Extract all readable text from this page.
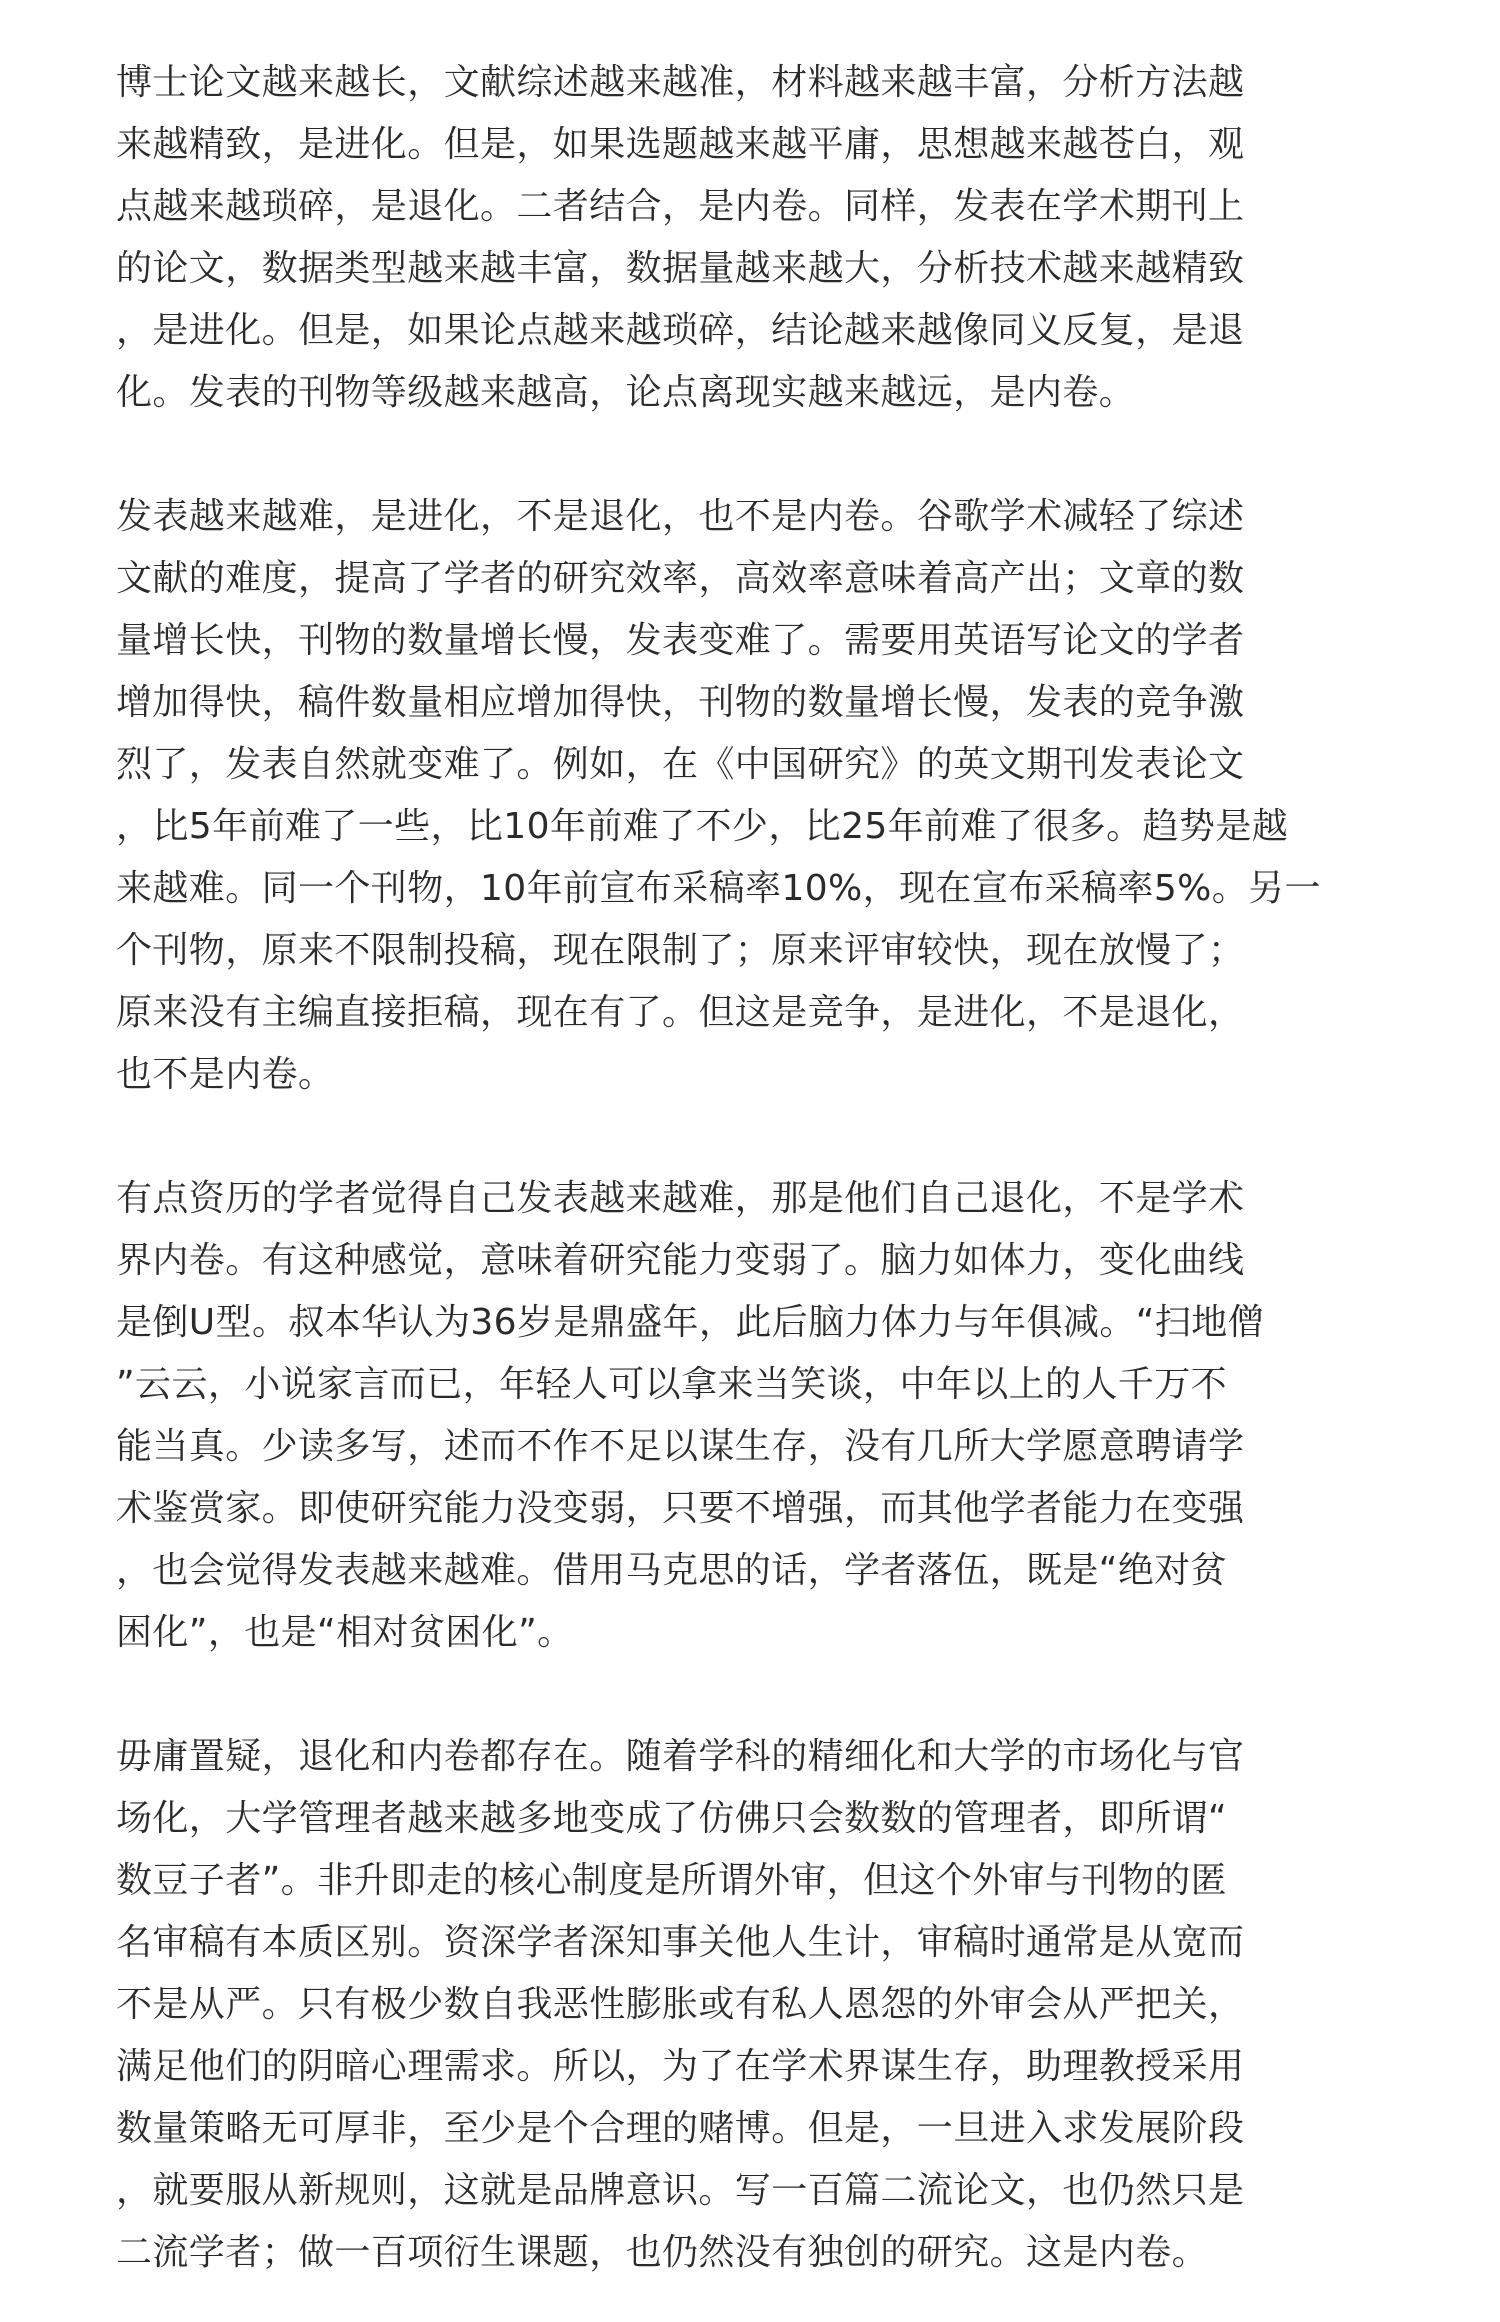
博士论文越来越长，文献综述越来越准，材料越来越丰富，分析方法越
来越精致，是进化。但是，如果选题越来越平庸，思想越来越苍白，观
点越来越琐碎，是退化。二者结合，是内卷。同样，发表在学术期刊上
的论文，数据类型越来越丰富，数据量越来越大，分析技术越来越精致
，是进化。但是，如果论点越来越琐碎，结论越来越像同义反复，是退
化。发表的刊物等级越来越高，论点离现实越来越远，是内卷。

发表越来越难，是进化，不是退化，也不是内卷。谷歌学术减轻了综述
文献的难度，提高了学者的研究效率，高效率意味着高产出；文章的数
量增长快，刊物的数量增长慢，发表变难了。需要用英语写论文的学者
增加得快，稿件数量相应增加得快，刊物的数量增长慢，发表的竞争激
烈了，发表自然就变难了。例如，在《中国研究》的英文期刊发表论文
，比5年前难了一些，比10年前难了不少，比25年前难了很多。趋势是越
来越难。同一个刊物，10年前宣布采稿率10%，现在宣布采稿率5%。另一
个刊物，原来不限制投稿，现在限制了；原来评审较快，现在放慢了；
原来没有主编直接拒稿，现在有了。但这是竞争，是进化，不是退化，
也不是内卷。

有点资历的学者觉得自己发表越来越难，那是他们自己退化，不是学术
界内卷。有这种感觉，意味着研究能力变弱了。脑力如体力，变化曲线
是倒U型。叔本华认为36岁是鼎盛年，此后脑力体力与年俱减。“扫地僧
”云云，小说家言而已，年轻人可以拿来当笑谈，中年以上的人千万不
能当真。少读多写，述而不作不足以谋生存，没有几所大学愿意聘请学
术鉴赏家。即使研究能力没变弱，只要不增强，而其他学者能力在变强
，也会觉得发表越来越难。借用马克思的话，学者落伍，既是“绝对贫
困化”，也是“相对贫困化”。

毋庸置疑，退化和内卷都存在。随着学科的精细化和大学的市场化与官
场化，大学管理者越来越多地变成了仿佛只会数数的管理者，即所谓“
数豆子者”。非升即走的核心制度是所谓外审，但这个外审与刊物的匿
名审稿有本质区别。资深学者深知事关他人生计，审稿时通常是从宽而
不是从严。只有极少数自我恶性膨胀或有私人恩怨的外审会从严把关，
满足他们的阴暗心理需求。所以，为了在学术界谋生存，助理教授采用
数量策略无可厚非，至少是个合理的赌博。但是，一旦进入求发展阶段
，就要服从新规则，这就是品牌意识。写一百篇二流论文，也仍然只是
二流学者；做一百项衍生课题，也仍然没有独创的研究。这是内卷。
